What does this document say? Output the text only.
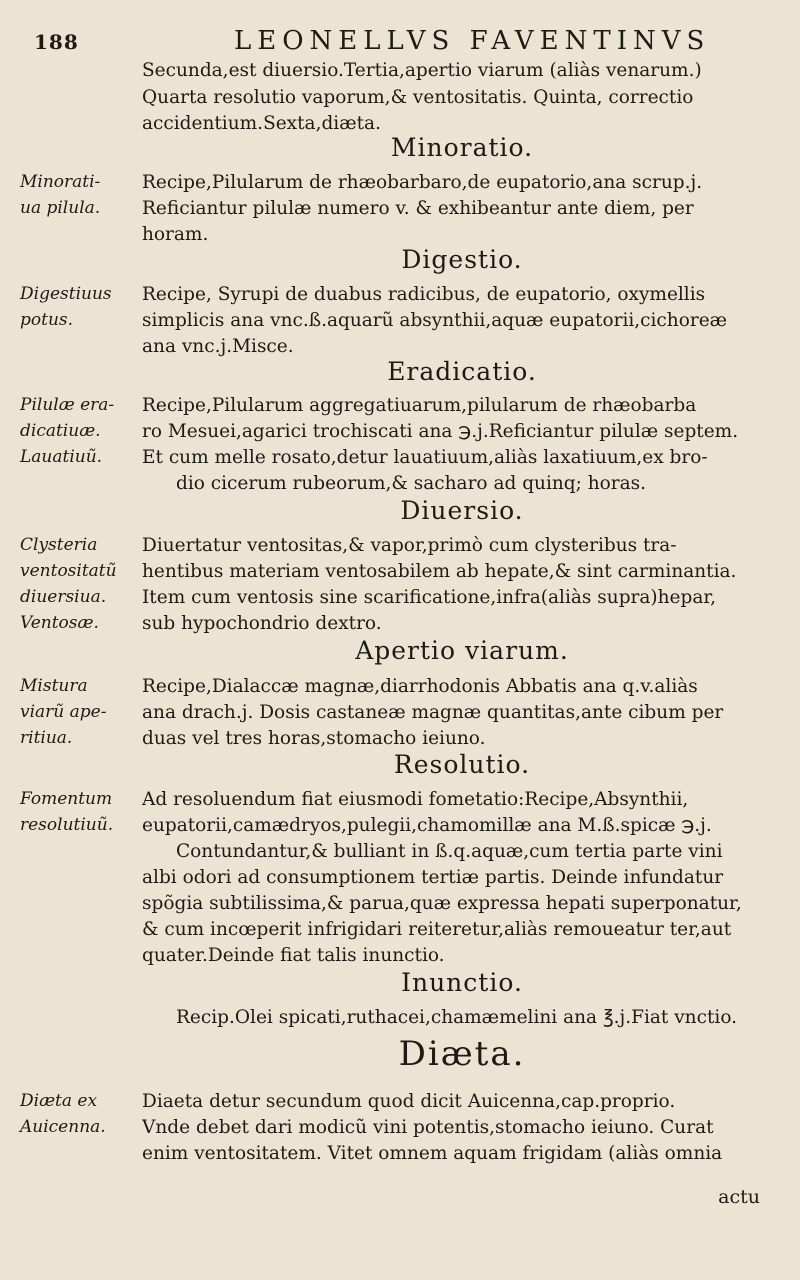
188	LEONELLVS FAVENTINVS
Secunda,est diuersio.Tertia,apertio viarum (aliàs venarum.)
Quarta resolutio vaporum,& ventositatis. Quinta, correctio
accidentium.Sexta,diæta.
Minoratio.
Recipe,Pilularum de rhæobarbaro,de eupatorio,ana scrup.j.
Reficiantur pilulæ numero v. & exhibeantur ante diem, per
horam.
Digestio.
Recipe, Syrupi de duabus radicibus, de eupatorio, oxymellis
simplicis ana vnc.ß.aquarũ absynthii,aquæ eupatorii,cichoreæ
ana vnc.j.Misce.
Eradicatio.
Recipe,Pilularum aggregatiuarum,pilularum de rhæobarba
ro Mesuei,agarici trochiscati ana ℈.j.Reficiantur pilulæ septem.
Et cum melle rosato,detur lauatiuum,aliàs laxatiuum,ex bro-
dio cicerum rubeorum,& sacharo ad quinq; horas.
Diuersio.
Diuertatur ventositas,& vapor,primò cum clysteribus tra-
hentibus materiam ventosabilem ab hepate,& sint carminantia.
Item cum ventosis sine scarificatione,infra(aliàs supra)hepar,
sub hypochondrio dextro.
Apertio viarum.
Recipe,Dialaccæ magnæ,diarrhodonis Abbatis ana q.v.aliàs
ana drach.j. Dosis castaneæ magnæ quantitas,ante cibum per
duas vel tres horas,stomacho ieiuno.
Resolutio.
Ad resoluendum fiat eiusmodi fometatio:Recipe,Absynthii,
eupatorii,camædryos,pulegii,chamomillæ ana M.ß.spicæ ℈.j.
Contundantur,& bulliant in ß.q.aquæ,cum tertia parte vini
albi odori ad consumptionem tertiæ partis. Deinde infundatur
spõgia subtilissima,& parua,quæ expressa hepati superponatur,
& cum incœperit infrigidari reiteretur,aliàs remoueatur ter,aut
quater.Deinde fiat talis inunctio.
Inunctio.
Recip.Olei spicati,ruthacei,chamæmelini ana ℥.j.Fiat vnctio.
Diæta.
Diaeta detur secundum quod dicit Auicenna,cap.proprio.
Vnde debet dari modicũ vini potentis,stomacho ieiuno. Curat
enim ventositatem. Vitet omnem aquam frigidam (aliàs omnia
Minorati-
ua pilula.
Digestiuus
potus.
Pilulæ era-
dicatiuæ.
Lauatiuũ.
Clysteria
ventositatũ
diuersiua.
Ventosæ.
Mistura
viarũ ape-
ritiua.
Fomentum
resolutiuũ.
Diæta ex
Auicenna.
actu
